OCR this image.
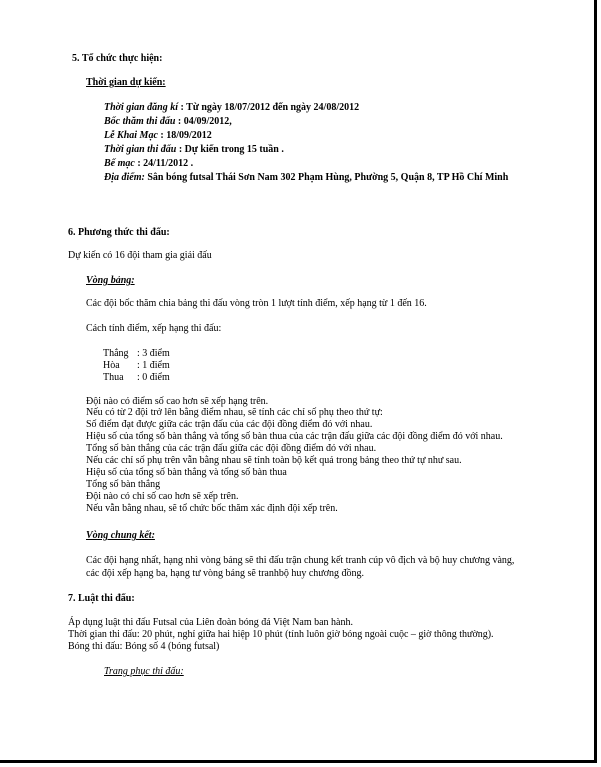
5. Tổ chức thực hiện:
Thời gian dự kiến:
Thời gian đăng kí : Từ ngày 18/07/2012 đến ngày 24/08/2012
Bốc thăm thi đấu : 04/09/2012,
Lễ Khai Mạc : 18/09/2012
Thời gian thi đấu : Dự kiến trong 15 tuần .
Bế mạc : 24/11/2012 .
Địa điểm: Sân bóng futsal Thái Sơn Nam 302 Phạm Hùng, Phường 5, Quận 8, TP Hồ Chí Minh
6. Phương thức thi đấu:
Dự kiến có 16 đội tham gia giải đấu
Vòng bảng:
Các đội bốc thăm chia bảng thi đấu vòng tròn 1 lượt tính điểm, xếp hạng từ 1 đến 16.
Cách tính điểm, xếp hạng thi đấu:
Thắng : 3 điểm
Hòa : 1 điểm
Thua : 0 điểm
Đội nào có điểm số cao hơn sẽ xếp hạng trên.
Nếu có từ 2 đội trở lên bằng điểm nhau, sẽ tính các chỉ số phụ theo thứ tự:
Số điểm đạt được giữa các trận đấu của các đội đồng điểm đó với nhau.
Hiệu số của tổng số bàn thắng và tổng số bàn thua của các trận đấu giữa các đội đồng điểm đó với nhau.
Tổng số bàn thắng của các trận đấu giữa các đội đồng điểm đó với nhau.
Nếu các chỉ số phụ trên vẫn bằng nhau sẽ tính toàn bộ kết quả trong bảng theo thứ tự như sau.
Hiệu số của tổng số bàn thắng và tổng số bàn thua
Tổng số bàn thắng
Đội nào có chỉ số cao hơn sẽ xếp trên.
Nếu vẫn bằng nhau, sẽ tổ chức bốc thăm xác định đội xếp trên.
Vòng chung kết:
Các đội hạng nhất, hạng nhì vòng bảng sẽ thi đấu trận chung kết tranh cúp vô địch và bộ huy chương vàng,
các đội xếp hạng ba, hạng tư vòng bảng sẽ tranhbộ huy chương đồng.
7. Luật thi đấu:
Áp dụng luật thi đấu Futsal của Liên đoàn bóng đá Việt Nam ban hành.
Thời gian thi đấu: 20 phút, nghỉ giữa hai hiệp 10 phút (tính luôn giờ bóng ngoài cuộc – giờ thông thường).
Bóng thi đấu: Bóng số 4 (bóng futsal)
Trang phục thi đấu:
